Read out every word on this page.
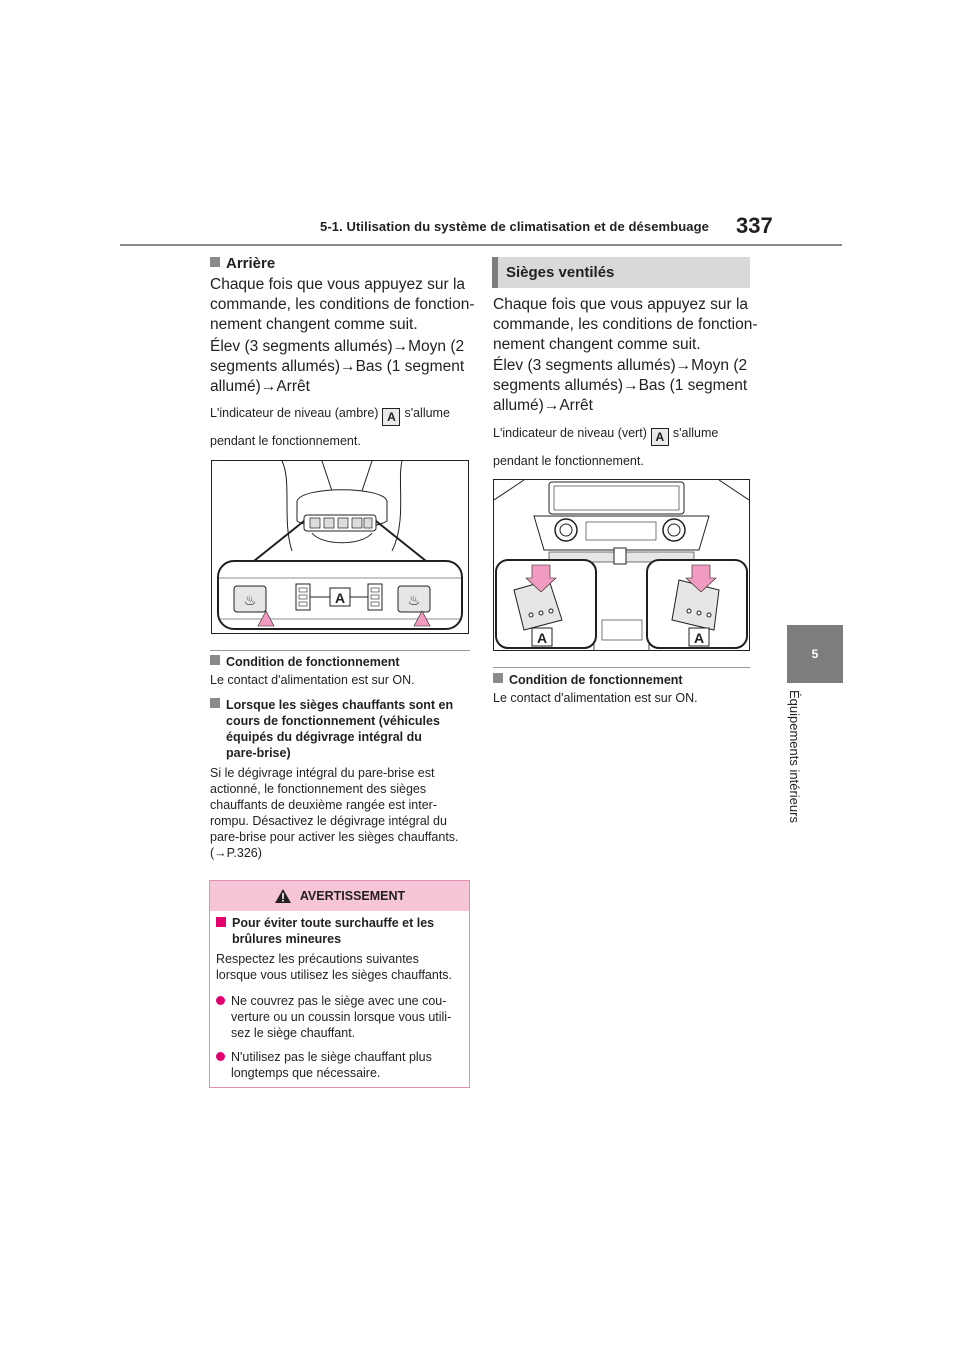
5-1. Utilisation du système de climatisation et de désembuage 337
5
Équipements intérieurs
Arrière
Chaque fois que vous appuyez sur la
commande, les conditions de fonction-
nement changent comme suit.
Élev (3 segments allumés)→Moyn (2
segments allumés)→Bas (1 segment
allumé)→Arrêt
L'indicateur de niveau (ambre) A s'allume
pendant le fonctionnement.
♨	♨
A
Condition de fonctionnement
Le contact d'alimentation est sur ON.
Lorsque les sièges chauffants sont en
cours de fonctionnement (véhicules
équipés du dégivrage intégral du
pare-brise)
Si le dégivrage intégral du pare-brise est
actionné, le fonctionnement des sièges
chauffants de deuxième rangée est inter-
rompu. Désactivez le dégivrage intégral du
pare-brise pour activer les sièges chauffants.
(→P.326)
AVERTISSEMENT
Pour éviter toute surchauffe et les
brûlures mineures
Respectez les précautions suivantes
lorsque vous utilisez les sièges chauffants.
Ne couvrez pas le siège avec une cou-
verture ou un coussin lorsque vous utili-
sez le siège chauffant.
N'utilisez pas le siège chauffant plus
longtemps que nécessaire.
Sièges ventilés
Chaque fois que vous appuyez sur la
commande, les conditions de fonction-
nement changent comme suit.
Élev (3 segments allumés)→Moyn (2
segments allumés)→Bas (1 segment
allumé)→Arrêt
L'indicateur de niveau (vert) A s'allume
pendant le fonctionnement.
A	A
Condition de fonctionnement
Le contact d'alimentation est sur ON.
